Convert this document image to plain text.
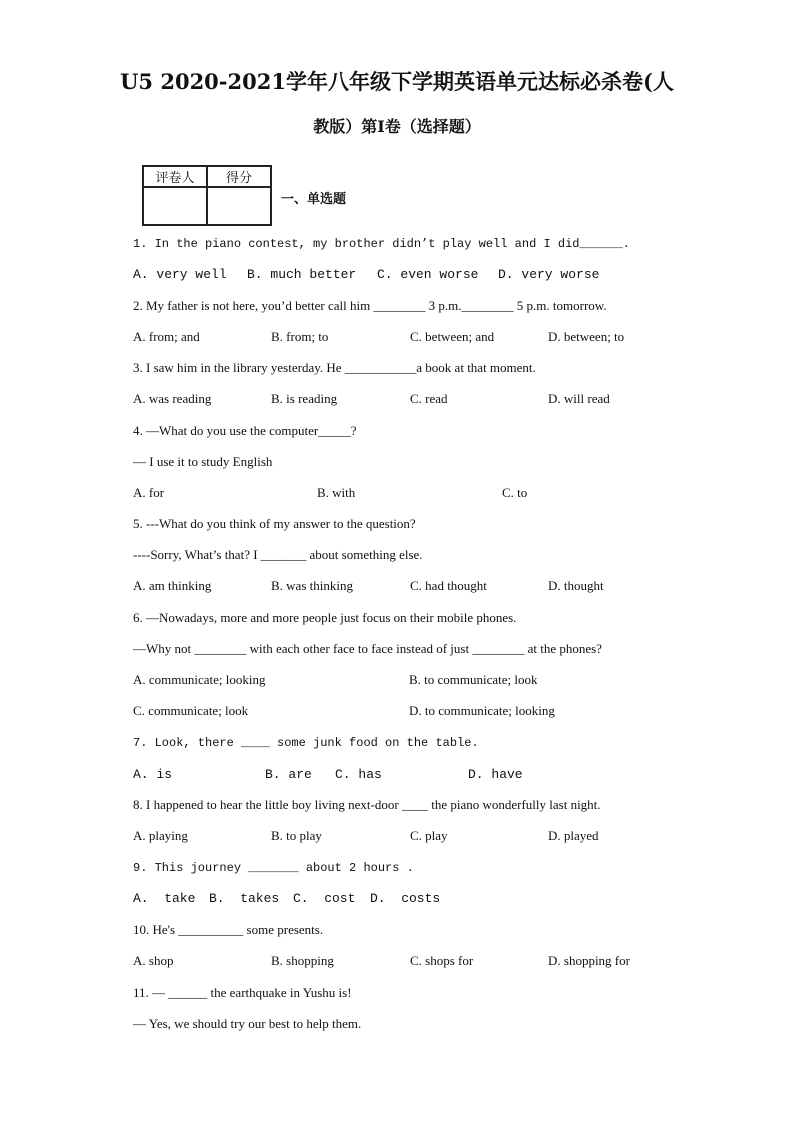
U5 2020-2021学年八年级下学期英语单元达标必杀卷(人
教版）第I卷（选择题）
评卷人	得分

一、单选题
1. In the piano contest, my brother didn’t play well and I did______.
A. very well B. much better C. even worse D. very worse
2. My father is not here, you’d better call him ________ 3 p.m.________ 5 p.m. tomorrow.
A. from; and	B. from; to	C. between; and	D. between; to
3. I saw him in the library yesterday. He ___________a book at that moment.
A. was reading	B. is reading	C. read	D. will read
4. —What do you use the computer_____?
— I use it to study English
A. for	B. with	C. to
5. ---What do you think of my answer to the question?
----Sorry, What’s that? I _______ about something else.
A. am thinking	B. was thinking	C. had thought	D. thought
6. —Nowadays, more and more people just focus on their mobile phones.
—Why not ________ with each other face to face instead of just ________ at the phones?
A. communicate; looking	B. to communicate; look
C. communicate; look	D. to communicate; looking
7. Look, there ____ some junk food on the table.
A. is	B. are C. has	D. have
8. I happened to hear the little boy living next-door ____ the piano wonderfully last night.
A. playing	B. to play	C. play	D. played
9. This journey _______ about 2 hours .
A.  take B.  takes C.  cost D.  costs
10. He's __________ some presents.
A. shop	B. shopping	C. shops for	D. shopping for
11. — ______ the earthquake in Yushu is!
— Yes, we should try our best to help them.
